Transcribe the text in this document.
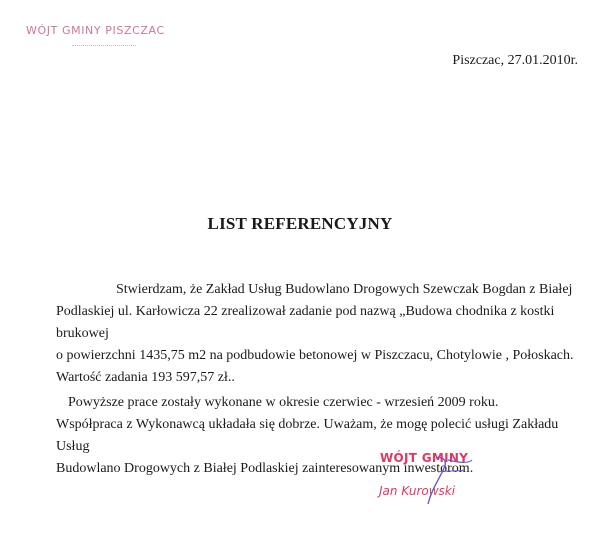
WÓJT GMINY PISZCZAC
Piszczac, 27.01.2010r.
LIST REFERENCYJNY

Stwierdzam, że Zakład Usług Budowlano Drogowych Szewczak Bogdan z Białej

Podlaskiej ul. Karłowicza 22 zrealizował zadanie pod nazwą „Budowa chodnika z kostki brukowej

o powierzchni 1435,75 m2 na podbudowie betonowej w Piszczacu, Chotylowie , Połoskach.

Wartość zadania 193 597,57 zł..

Powyższe prace zostały wykonane w okresie czerwiec - wrzesień 2009 roku.

Współpraca z Wykonawcą układała się dobrze. Uważam, że mogę polecić usługi Zakładu Usług

Budowlano Drogowych z Białej Podlaskiej zainteresowanym inwestorom.

WÓJT GMINY
Jan Kurowski
